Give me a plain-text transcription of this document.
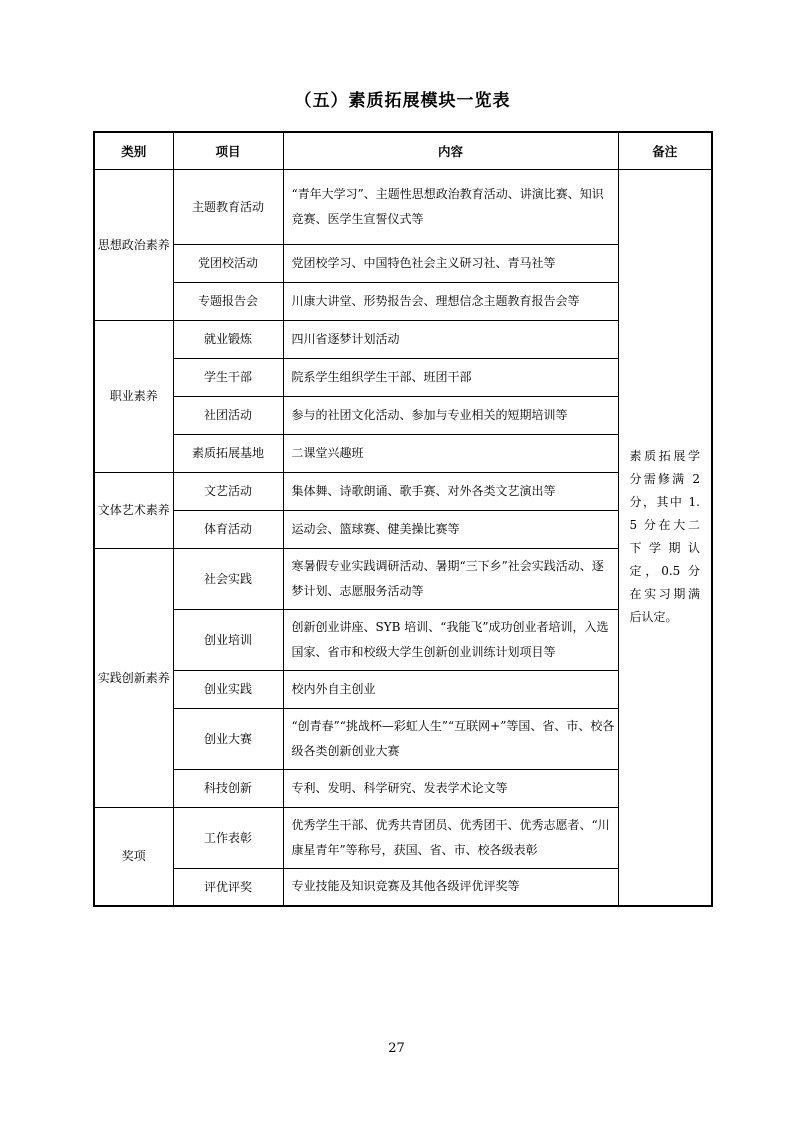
（五）素质拓展模块一览表
类别	项目	内容	备注
思想政治素养	主题教育活动	“青年大学习”、主题性思想政治教育活动、讲演比赛、知识竞赛、医学生宣誓仪式等	素质拓展学分需修满 2 分，其中 1.5 分在大二下学期认定，0.5 分在实习期满后认定。
	党团校活动	党团校学习、中国特色社会主义研习社、青马社等	
	专题报告会	川康大讲堂、形势报告会、理想信念主题教育报告会等	
职业素养	就业锻炼	四川省逐梦计划活动	
	学生干部	院系学生组织学生干部、班团干部	
	社团活动	参与的社团文化活动、参加与专业相关的短期培训等	
	素质拓展基地	二课堂兴趣班	
文体艺术素养	文艺活动	集体舞、诗歌朗诵、歌手赛、对外各类文艺演出等	
	体育活动	运动会、篮球赛、健美操比赛等	
实践创新素养	社会实践	寒暑假专业实践调研活动、暑期“三下乡”社会实践活动、逐梦计划、志愿服务活动等	
	创业培训	创新创业讲座、SYB 培训、“我能飞”成功创业者培训，入选国家、省市和校级大学生创新创业训练计划项目等	
	创业实践	校内外自主创业	
	创业大赛	“创青春”“挑战杯—彩虹人生”“互联网+”等国、省、市、校各级各类创新创业大赛	
	科技创新	专利、发明、科学研究、发表学术论文等	
奖项	工作表彰	优秀学生干部、优秀共青团员、优秀团干、优秀志愿者、“川康星青年”等称号，获国、省、市、校各级表彰	
	评优评奖	专业技能及知识竞赛及其他各级评优评奖等	
27
